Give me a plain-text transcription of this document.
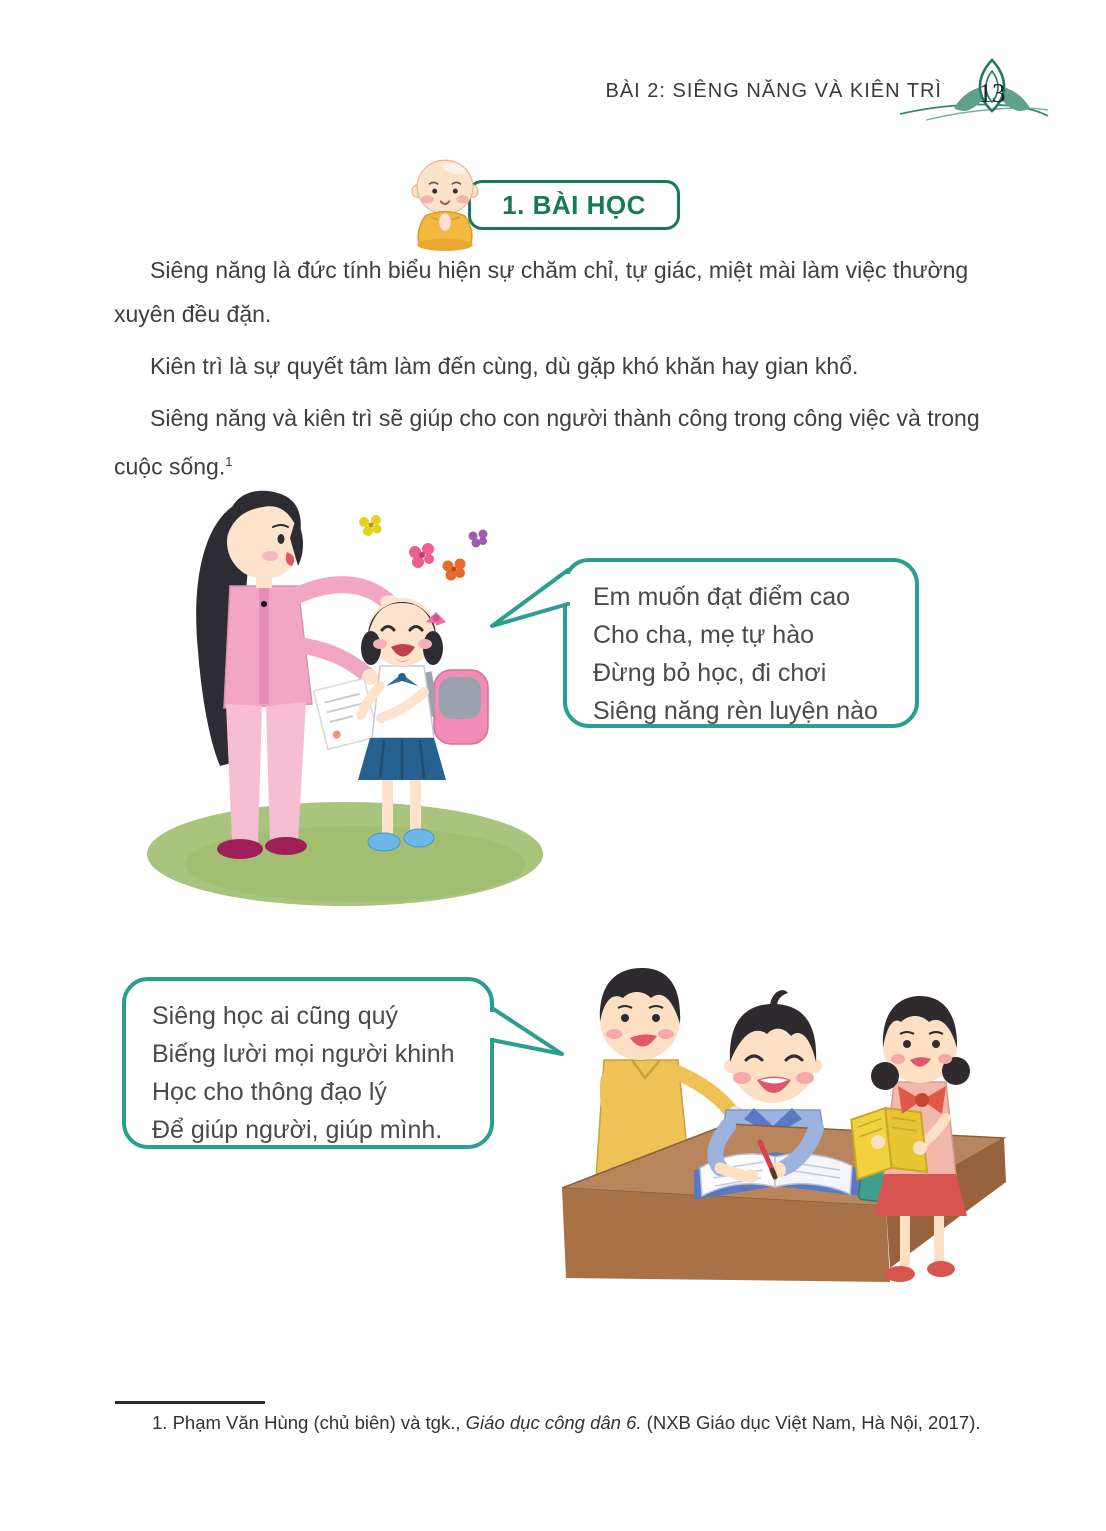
BÀI 2: SIÊNG NĂNG VÀ KIÊN TRÌ	13
1. BÀI HỌC

Siêng năng là đức tính biểu hiện sự chăm chỉ, tự giác, miệt mài làm việc thường xuyên đều đặn.

Kiên trì là sự quyết tâm làm đến cùng, dù gặp khó khăn hay gian khổ.

Siêng năng và kiên trì sẽ giúp cho con người thành công trong công việc và trong cuộc sống.$^1$

Em muốn đạt điểm cao
Cho cha, mẹ tự hào
Đừng bỏ học, đi chơi
Siêng năng rèn luyện nào
Siêng học ai cũng quý
Biếng lười mọi người khinh
Học cho thông đạo lý
Để giúp người, giúp mình.
1. Phạm Văn Hùng (chủ biên) và tgk., Giáo dục công dân 6. (NXB Giáo dục Việt Nam, Hà Nội, 2017).
